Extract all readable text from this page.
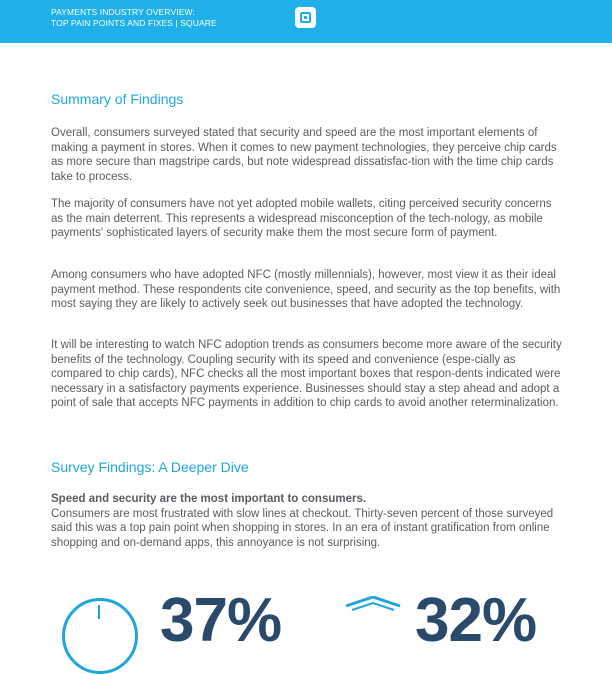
PAYMENTS INDUSTRY OVERVIEW:
TOP PAIN POINTS AND FIXES | SQUARE
Summary of Findings

Overall, consumers surveyed stated that security and speed are the most important elements of making a payment in stores. When it comes to new payment technologies, they perceive chip cards as more secure than magstripe cards, but note widespread dissatisfac-tion with the time chip cards take to process.

The majority of consumers have not yet adopted mobile wallets, citing perceived security concerns as the main deterrent. This represents a widespread misconception of the tech-nology, as mobile payments' sophisticated layers of security make them the most secure form of payment.

Among consumers who have adopted NFC (mostly millennials), however, most view it as their ideal payment method. These respondents cite convenience, speed, and security as the top benefits, with most saying they are likely to actively seek out businesses that have adopted the technology.

It will be interesting to watch NFC adoption trends as consumers become more aware of the security benefits of the technology. Coupling security with its speed and convenience (espe-cially as compared to chip cards), NFC checks all the most important boxes that respon-dents indicated were necessary in a satisfactory payments experience. Businesses should stay a step ahead and adopt a point of sale that accepts NFC payments in addition to chip cards to avoid another reterminalization.

Survey Findings: A Deeper Dive

Speed and security are the most important to consumers.
Consumers are most frustrated with slow lines at checkout. Thirty-seven percent of those surveyed said this was a top pain point when shopping in stores. In an era of instant gratification from online shopping and on-demand apps, this annoyance is not surprising.

37% 32%
